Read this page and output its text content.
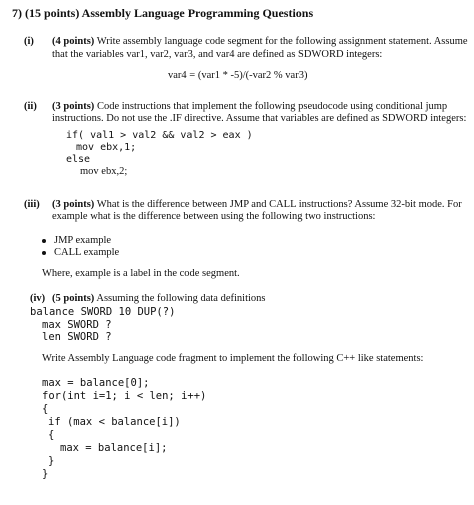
7) (15 points) Assembly Language Programming Questions
(i) (4 points) Write assembly language code segment for the following assignment statement. Assume
that the variables var1, var2, var3, and var4 are defined as SDWORD integers:
var4 = (var1 * -5)/(-var2 % var3)
(ii) (3 points) Code instructions that implement the following pseudocode using conditional jump
instructions. Do not use the .IF directive. Assume that variables are defined as SDWORD integers:
if( val1 > val2 && val2 > eax )
mov ebx,1;
else
mov ebx,2;
(iii) (3 points) What is the difference between JMP and CALL instructions? Assume 32-bit mode. For
example what is the difference between using the following two instructions:
JMP example
CALL example
Where, example is a label in the code segment.
(iv) (5 points) Assuming the following data definitions
balance SWORD 10 DUP(?)
max SWORD ?
len SWORD ?
Write Assembly Language code fragment to implement the following C++ like statements:
max = balance[0];
for(int i=1; i < len; i++)
{
if (max < balance[i])
{
max = balance[i];
}
}
